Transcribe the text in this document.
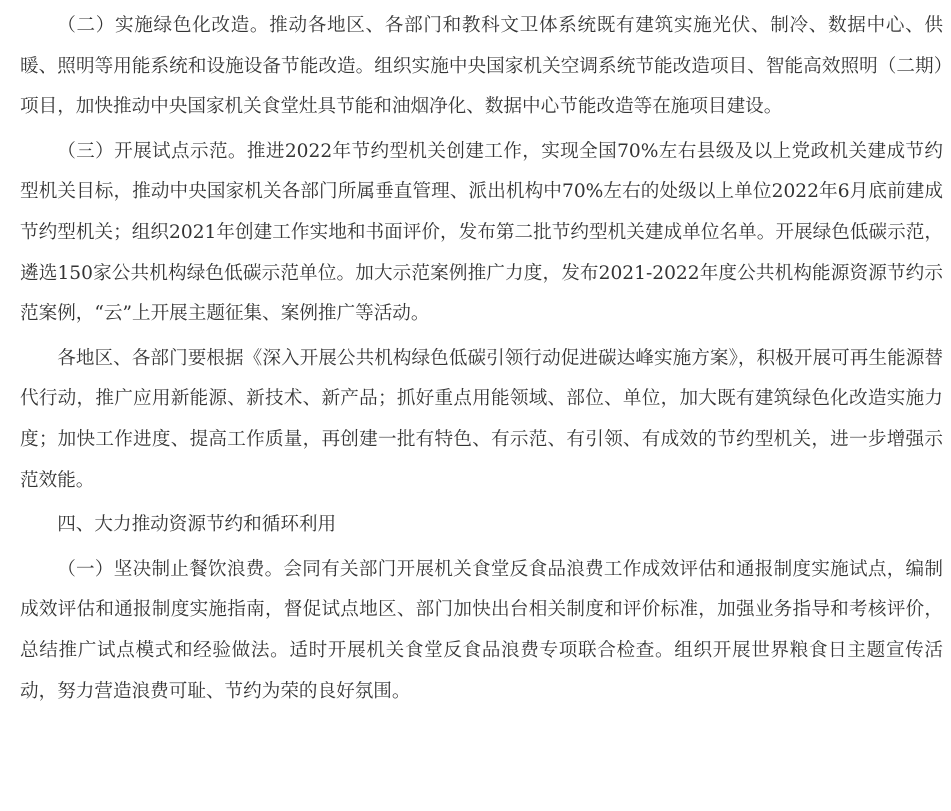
（二）实施绿色化改造。推动各地区、各部门和教科文卫体系统既有建筑实施光伏、制冷、数据中心、供暖、照明等用能系统和设施设备节能改造。组织实施中央国家机关空调系统节能改造项目、智能高效照明（二期）项目，加快推动中央国家机关食堂灶具节能和油烟净化、数据中心节能改造等在施项目建设。

（三）开展试点示范。推进2022年节约型机关创建工作，实现全国70%左右县级及以上党政机关建成节约型机关目标，推动中央国家机关各部门所属垂直管理、派出机构中70%左右的处级以上单位2022年6月底前建成节约型机关；组织2021年创建工作实地和书面评价，发布第二批节约型机关建成单位名单。开展绿色低碳示范，遴选150家公共机构绿色低碳示范单位。加大示范案例推广力度，发布2021-2022年度公共机构能源资源节约示范案例，“云”上开展主题征集、案例推广等活动。

各地区、各部门要根据《深入开展公共机构绿色低碳引领行动促进碳达峰实施方案》，积极开展可再生能源替代行动，推广应用新能源、新技术、新产品；抓好重点用能领域、部位、单位，加大既有建筑绿色化改造实施力度；加快工作进度、提高工作质量，再创建一批有特色、有示范、有引领、有成效的节约型机关，进一步增强示范效能。

四、大力推动资源节约和循环利用

（一）坚决制止餐饮浪费。会同有关部门开展机关食堂反食品浪费工作成效评估和通报制度实施试点，编制成效评估和通报制度实施指南，督促试点地区、部门加快出台相关制度和评价标准，加强业务指导和考核评价，总结推广试点模式和经验做法。适时开展机关食堂反食品浪费专项联合检查。组织开展世界粮食日主题宣传活动，努力营造浪费可耻、节约为荣的良好氛围。
